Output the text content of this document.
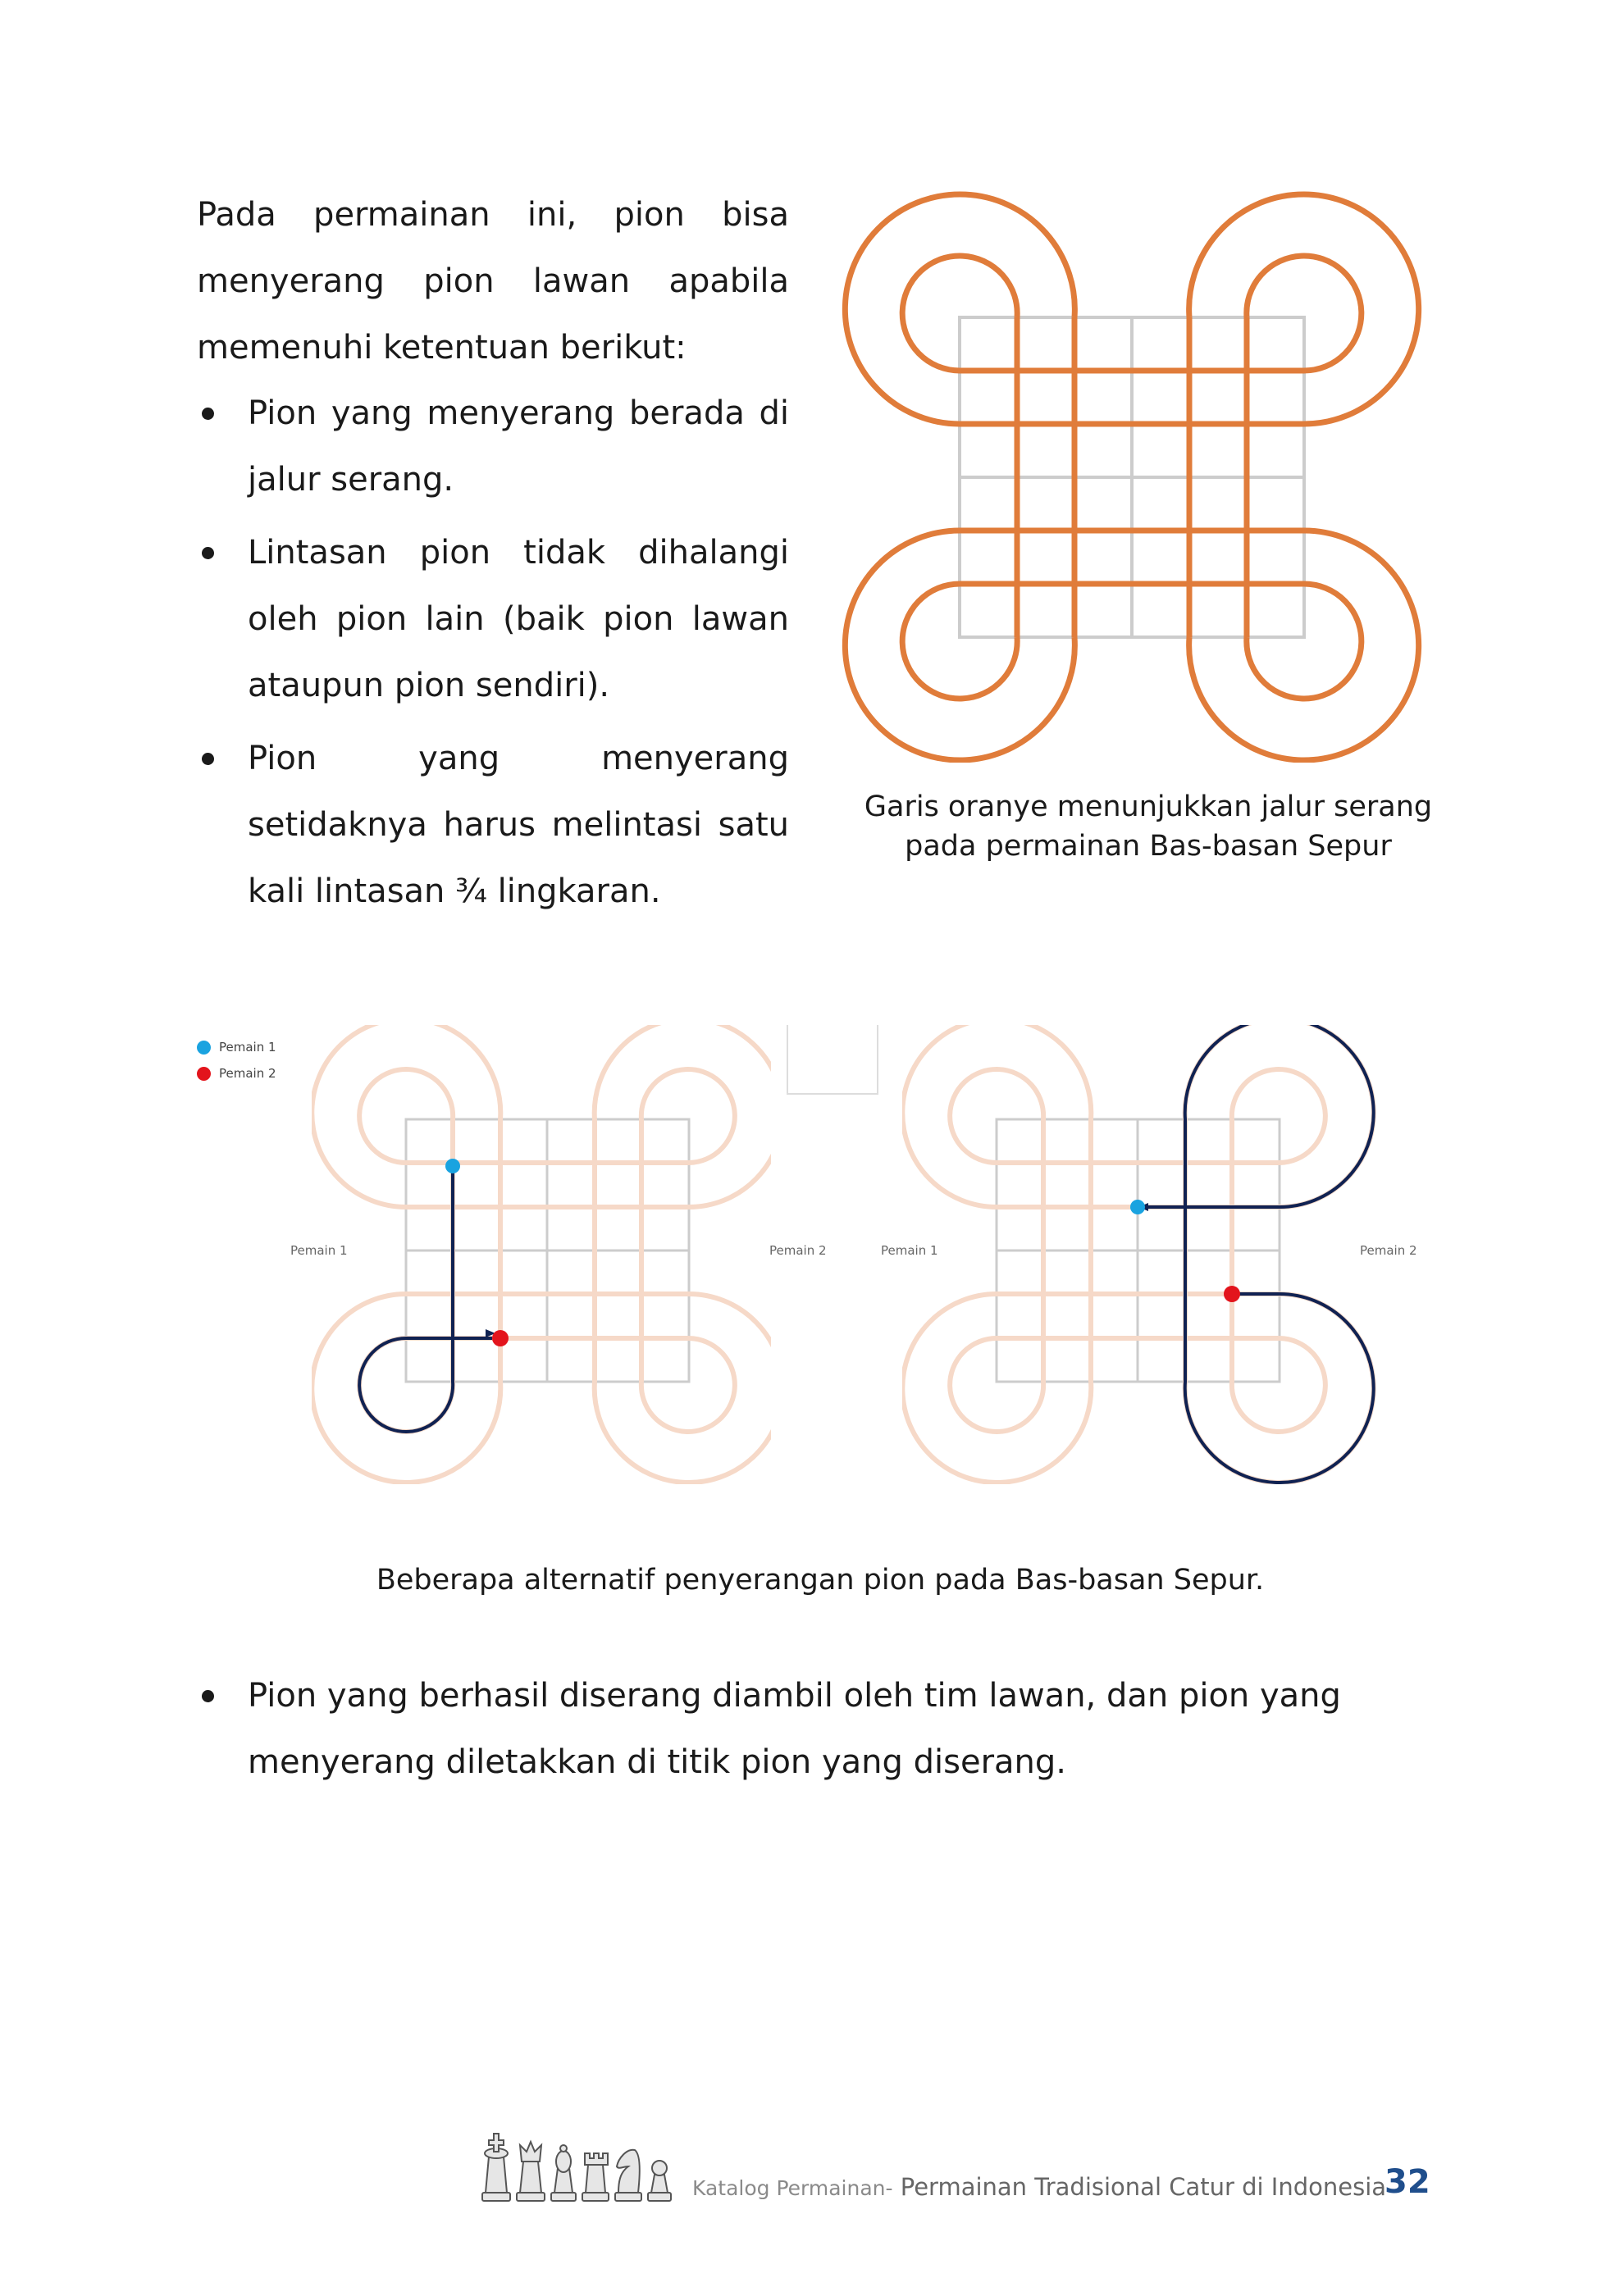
Pada permainan ini, pion bisa
menyerang pion lawan apabila
memenuhi ketentuan berikut:
Pion yang menyerang berada di jalur serang.
Lintasan pion tidak dihalangi oleh pion lain (baik pion lawan ataupun pion sendiri).
Pion yang menyerang setidaknya harus melintasi satu kali lintasan ¾ lingkaran.
Garis oranye menunjukkan jalur serang pada permainan Bas-basan Sepur
Pemain 1
Pemain 2
Pemain 1	Pemain 2	Pemain 1	Pemain 2
Beberapa alternatif penyerangan pion pada Bas-basan Sepur.
Pion yang berhasil diserang diambil oleh tim lawan, dan pion yang menyerang diletakkan di titik pion yang diserang.
Katalog Permainan- Permainan Tradisional Catur di Indonesia
32
